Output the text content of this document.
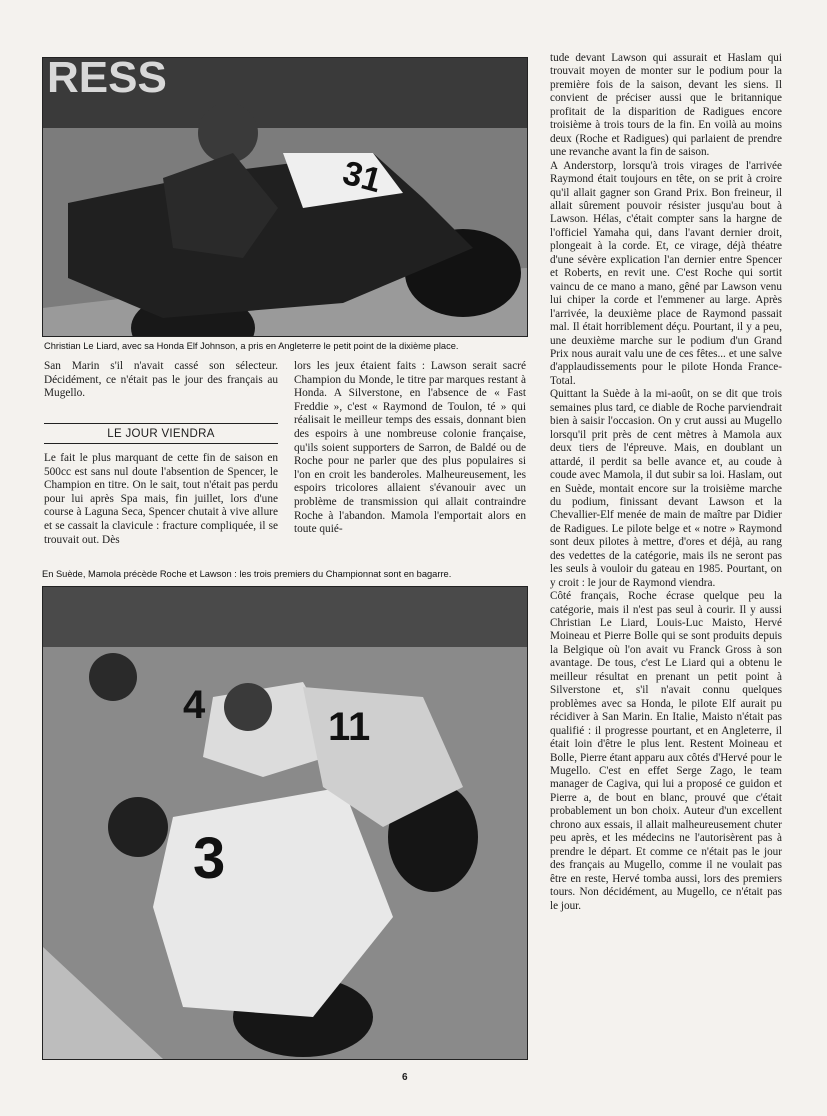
RESS
31
Christian Le Liard, avec sa Honda Elf Johnson, a pris en Angleterre le petit point de la dixième place.

San Marin s'il n'avait cassé son sélecteur. Décidément, ce n'était pas le jour des français au Mugello.

LE JOUR VIENDRA

Le fait le plus marquant de cette fin de saison en 500cc est sans nul doute l'absention de Spencer, le Champion en titre. On le sait, tout n'était pas perdu pour lui après Spa mais, fin juillet, lors d'une course à Laguna Seca, Spencer chutait à vive allure et se cassait la clavicule : fracture compliquée, il se trouvait out. Dès

lors les jeux étaient faits : Lawson serait sacré Champion du Monde, le titre par marques restant à Honda. A Silverstone, en l'absence de « Fast Freddie », c'est « Raymond de Toulon, té » qui réalisait le meilleur temps des essais, donnant bien des espoirs à une nombreuse colonie française, qu'ils soient supporters de Sarron, de Baldé ou de Roche pour ne parler que des plus populaires si l'on en croit les banderoles. Malheureusement, les espoirs tricolores allaient s'évanouir avec un problème de transmission qui allait contraindre Roche à l'abandon. Mamola l'emportait alors en toute quié-

En Suède, Mamola précède Roche et Lawson : les trois premiers du Championnat sont en bagarre.
3
4	11

tude devant Lawson qui assurait et Haslam qui trouvait moyen de monter sur le podium pour la première fois de la saison, devant les siens. Il convient de préciser aussi que le britannique profitait de la disparition de Radigues encore troisième à trois tours de la fin. En voilà au moins deux (Roche et Radigues) qui parlaient de prendre une revanche avant la fin de saison.

A Anderstorp, lorsqu'à trois virages de l'arrivée Raymond était toujours en tête, on se prit à croire qu'il allait gagner son Grand Prix. Bon freineur, il allait sûrement pouvoir résister jusqu'au bout à Lawson. Hélas, c'était compter sans la hargne de l'officiel Yamaha qui, dans l'avant dernier droit, plongeait à la corde. Et, ce virage, déjà théatre d'une sévère explication l'an dernier entre Spencer et Roberts, en revit une. C'est Roche qui sortit vaincu de ce mano a mano, gêné par Lawson venu lui chiper la corde et l'emmener au large. Après l'arrivée, la deuxième place de Raymond passait mal. Il était horriblement déçu. Pourtant, il y a peu, une deuxième marche sur le podium d'un Grand Prix nous aurait valu une de ces fêtes... et une salve d'applaudissements pour le pilote Honda France-Total.

Quittant la Suède à la mi-août, on se dit que trois semaines plus tard, ce diable de Roche parviendrait bien à saisir l'occasion. On y crut aussi au Mugello lorsqu'il prit près de cent mètres à Mamola aux deux tiers de l'épreuve. Mais, en doublant un attardé, il perdit sa belle avance et, au coude à coude avec Mamola, il dut subir sa loi. Haslam, out en Suède, montait encore sur la troisième marche du podium, finissant devant Lawson et la Chevallier-Elf menée de main de maître par Didier de Radigues. Le pilote belge et « notre » Raymond sont deux pilotes à mettre, d'ores et déjà, au rang des vedettes de la catégorie, mais ils ne seront pas les seuls à vouloir du gateau en 1985. Pourtant, on y croit : le jour de Raymond viendra.

Côté français, Roche écrase quelque peu la catégorie, mais il n'est pas seul à courir. Il y aussi Christian Le Liard, Louis-Luc Maisto, Hervé Moineau et Pierre Bolle qui se sont produits depuis la Belgique où l'on avait vu Franck Gross à son avantage. De tous, c'est Le Liard qui a obtenu le meilleur résultat en prenant un petit point à Silverstone et, s'il n'avait connu quelques problèmes avec sa Honda, le pilote Elf aurait pu récidiver à San Marin. En Italie, Maisto n'était pas qualifié : il progresse pourtant, et en Angleterre, il était loin d'être le plus lent. Restent Moineau et Bolle, Pierre étant apparu aux côtés d'Hervé pour le Mugello. C'est en effet Serge Zago, le team manager de Cagiva, qui lui a proposé ce guidon et Pierre a, de bout en blanc, prouvé que c'était probablement un bon choix. Auteur d'un excellent chrono aux essais, il allait malheureusement chuter peu après, et les médecins ne l'autorisèrent pas à prendre le départ. Et comme ce n'était pas le jour des français au Mugello, comme il ne voulait pas être en reste, Hervé tomba aussi, lors des premiers tours. Non décidément, au Mugello, ce n'était pas le jour.

6
